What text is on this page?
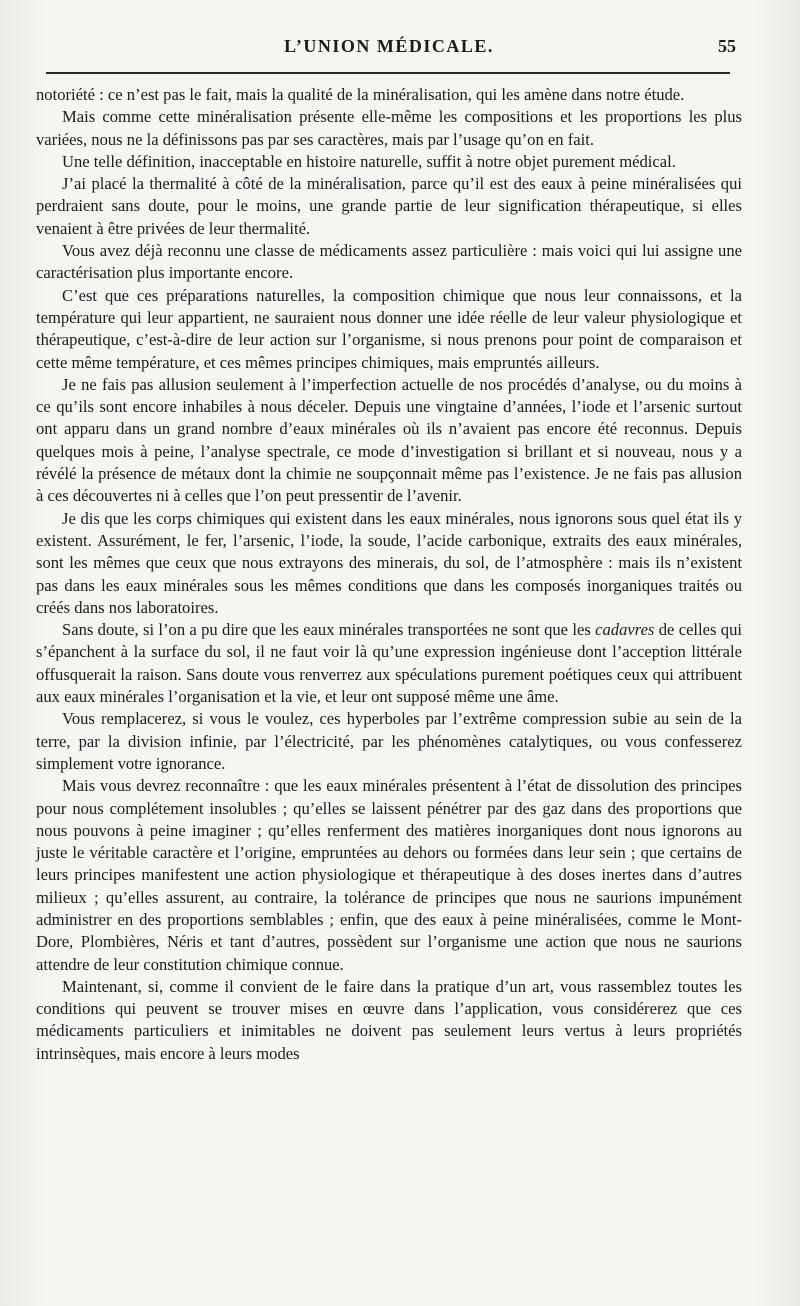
L’UNION MÉDICALE.	55

notoriété : ce n’est pas le fait, mais la qualité de la minéralisation, qui les amène dans notre étude.

Mais comme cette minéralisation présente elle-même les compositions et les proportions les plus variées, nous ne la définissons pas par ses caractères, mais par l’usage qu’on en fait.

Une telle définition, inacceptable en histoire naturelle, suffit à notre objet purement médical.

J’ai placé la thermalité à côté de la minéralisation, parce qu’il est des eaux à peine minéralisées qui perdraient sans doute, pour le moins, une grande partie de leur signification thérapeutique, si elles venaient à être privées de leur thermalité.

Vous avez déjà reconnu une classe de médicaments assez particulière : mais voici qui lui assigne une caractérisation plus importante encore.

C’est que ces préparations naturelles, la composition chimique que nous leur connaissons, et la température qui leur appartient, ne sauraient nous donner une idée réelle de leur valeur physiologique et thérapeutique, c’est-à-dire de leur action sur l’organisme, si nous prenons pour point de comparaison et cette même température, et ces mêmes principes chimiques, mais empruntés ailleurs.

Je ne fais pas allusion seulement à l’imperfection actuelle de nos procédés d’analyse, ou du moins à ce qu’ils sont encore inhabiles à nous déceler. Depuis une vingtaine d’années, l’iode et l’arsenic surtout ont apparu dans un grand nombre d’eaux minérales où ils n’avaient pas encore été reconnus. Depuis quelques mois à peine, l’analyse spectrale, ce mode d’investigation si brillant et si nouveau, nous y a révélé la présence de métaux dont la chimie ne soupçonnait même pas l’existence. Je ne fais pas allusion à ces découvertes ni à celles que l’on peut pressentir de l’avenir.

Je dis que les corps chimiques qui existent dans les eaux minérales, nous ignorons sous quel état ils y existent. Assurément, le fer, l’arsenic, l’iode, la soude, l’acide carbonique, extraits des eaux minérales, sont les mêmes que ceux que nous extrayons des minerais, du sol, de l’atmosphère : mais ils n’existent pas dans les eaux minérales sous les mêmes conditions que dans les composés inorganiques traités ou créés dans nos laboratoires.

Sans doute, si l’on a pu dire que les eaux minérales transportées ne sont que les cadavres de celles qui s’épanchent à la surface du sol, il ne faut voir là qu’une expression ingénieuse dont l’acception littérale offusquerait la raison. Sans doute vous renverrez aux spéculations purement poétiques ceux qui attribuent aux eaux minérales l’organisation et la vie, et leur ont supposé même une âme.

Vous remplacerez, si vous le voulez, ces hyperboles par l’extrême compression subie au sein de la terre, par la division infinie, par l’électricité, par les phénomènes catalytiques, ou vous confesserez simplement votre ignorance.

Mais vous devrez reconnaître : que les eaux minérales présentent à l’état de dissolution des principes pour nous complétement insolubles ; qu’elles se laissent pénétrer par des gaz dans des proportions que nous pouvons à peine imaginer ; qu’elles renferment des matières inorganiques dont nous ignorons au juste le véritable caractère et l’origine, empruntées au dehors ou formées dans leur sein ; que certains de leurs principes manifestent une action physiologique et thérapeutique à des doses inertes dans d’autres milieux ; qu’elles assurent, au contraire, la tolérance de principes que nous ne saurions impunément administrer en des proportions semblables ; enfin, que des eaux à peine minéralisées, comme le Mont-Dore, Plombières, Néris et tant d’autres, possèdent sur l’organisme une action que nous ne saurions attendre de leur constitution chimique connue.

Maintenant, si, comme il convient de le faire dans la pratique d’un art, vous rassemblez toutes les conditions qui peuvent se trouver mises en œuvre dans l’application, vous considérerez que ces médicaments particuliers et inimitables ne doivent pas seulement leurs vertus à leurs propriétés intrinsèques, mais encore à leurs modes
